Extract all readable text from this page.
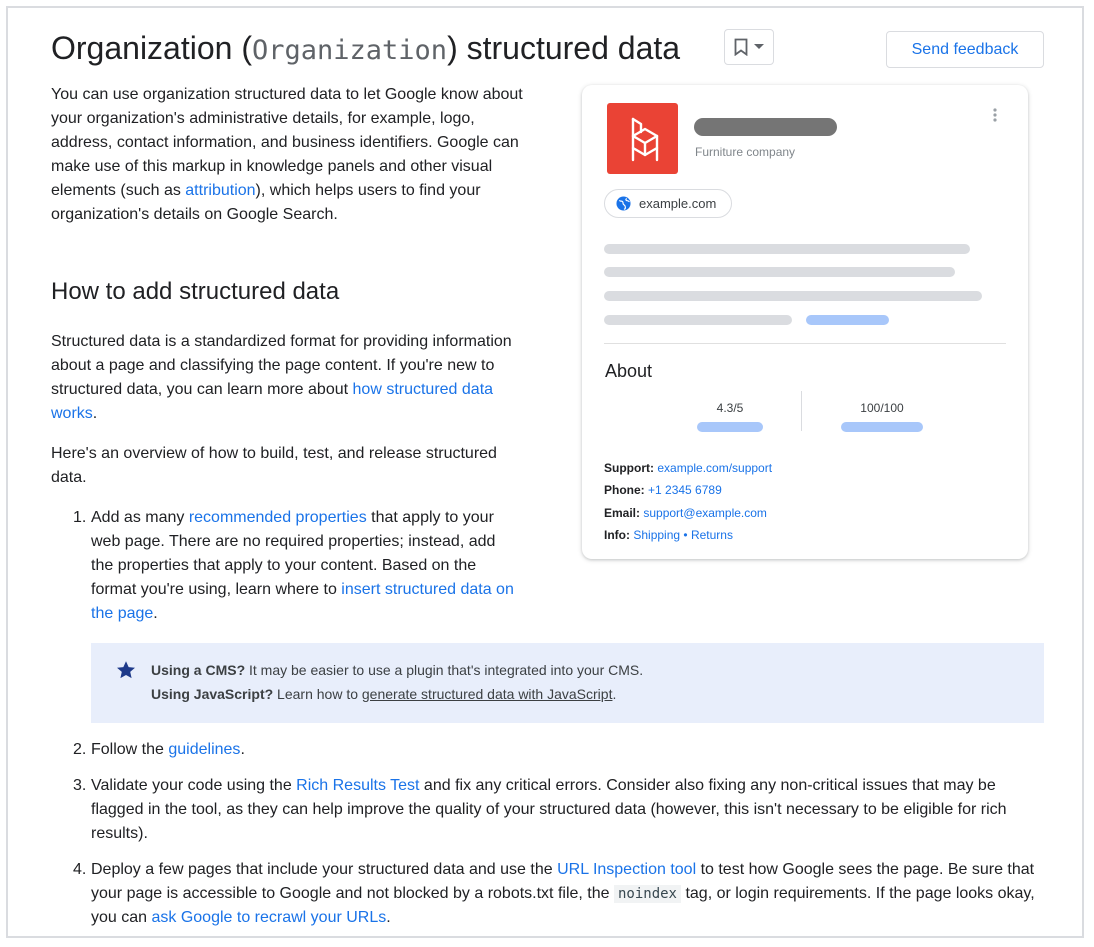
Organization (Organization) structured data	Send feedback

You can use organization structured data to let Google know about your organization's administrative details, for example, logo, address, contact information, and business identifiers. Google can make use of this markup in knowledge panels and other visual elements (such as attribution), which helps users to find your organization's details on Google Search.

How to add structured data

Structured data is a standardized format for providing information about a page and classifying the page content. If you're new to structured data, you can learn more about how structured data works.

Here's an overview of how to build, test, and release structured data.

1. Add as many recommended properties that apply to your web page. There are no required properties; instead, add the properties that apply to your content. Based on the format you're using, learn where to insert structured data on the page.
Using a CMS? It may be easier to use a plugin that's integrated into your CMS.
Using JavaScript? Learn how to generate structured data with JavaScript.
2. Follow the guidelines.
3. Validate your code using the Rich Results Test and fix any critical errors. Consider also fixing any non-critical issues that may be flagged in the tool, as they can help improve the quality of your structured data (however, this isn't necessary to be eligible for rich results).
4. Deploy a few pages that include your structured data and use the URL Inspection tool to test how Google sees the page. Be sure that your page is accessible to Google and not blocked by a robots.txt file, the noindex tag, or login requirements. If the page looks okay, you can ask Google to recrawl your URLs.
Furniture company
example.com
About
4.3/5	100/100
Support: example.com/support
Phone: +1 2345 6789
Email: support@example.com
Info: Shipping • Returns
